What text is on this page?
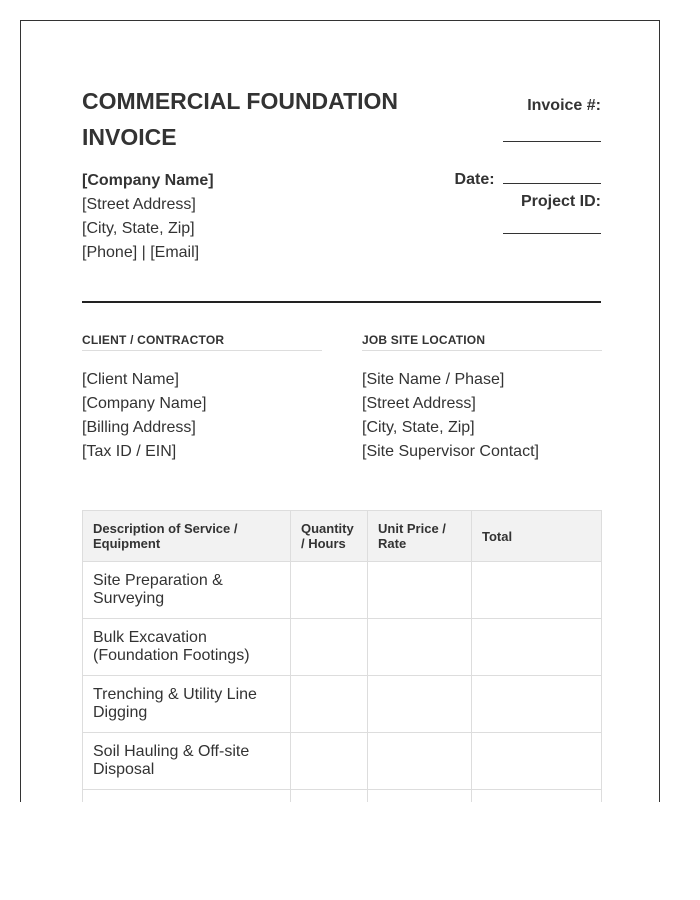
COMMERCIAL FOUNDATION
INVOICE
[Company Name]
[Street Address]
[City, State, Zip]
[Phone] | [Email]
Invoice #:
Date:
Project ID:
CLIENT / CONTRACTOR
[Client Name]
[Company Name]
[Billing Address]
[Tax ID / EIN]
JOB SITE LOCATION
[Site Name / Phase]
[Street Address]
[City, State, Zip]
[Site Supervisor Contact]
Description of Service / Equipment	Quantity / Hours	Unit Price / Rate	Total
Site Preparation & Surveying			
Bulk Excavation (Foundation Footings)			
Trenching & Utility Line Digging			
Soil Hauling & Off-site Disposal			
